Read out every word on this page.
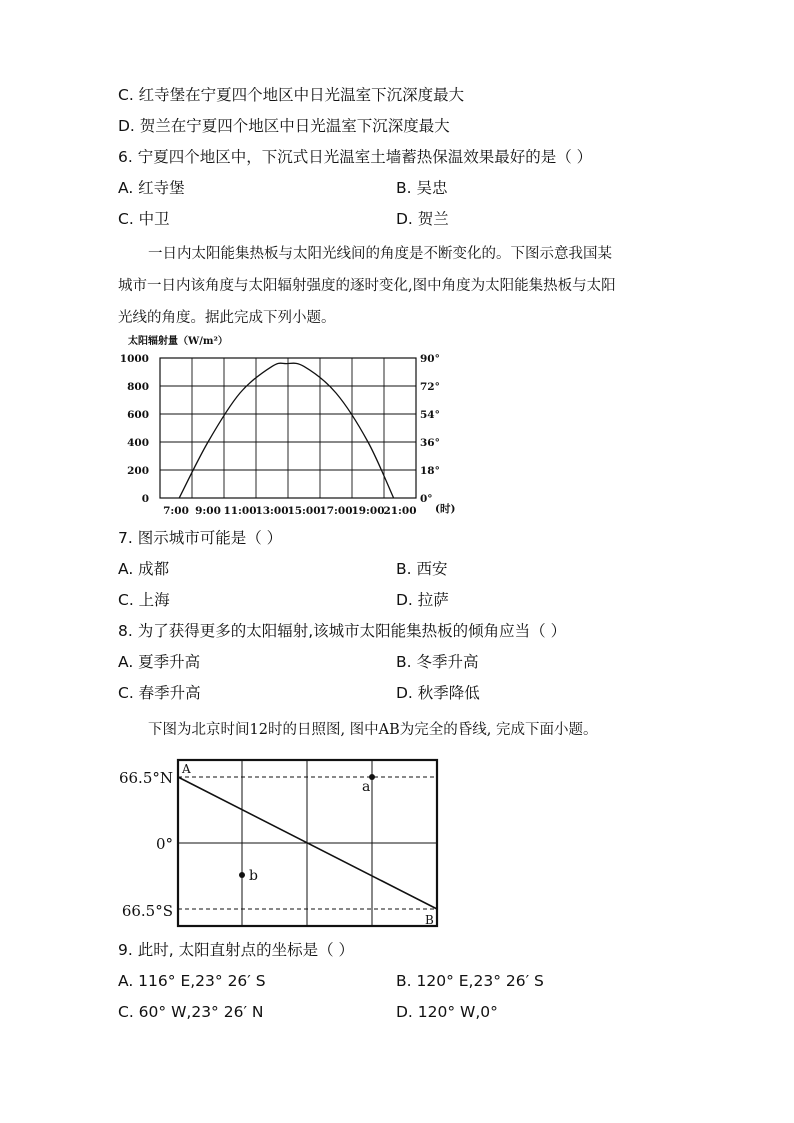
C. 红寺堡在宁夏四个地区中日光温室下沉深度最大
D. 贺兰在宁夏四个地区中日光温室下沉深度最大
6. 宁夏四个地区中，下沉式日光温室土墙蓄热保温效果最好的是（ ）
A. 红寺堡	B. 吴忠
C. 中卫	D. 贺兰
一日内太阳能集热板与太阳光线间的角度是不断变化的。下图示意我国某
城市一日内该角度与太阳辐射强度的逐时变化,图中角度为太阳能集热板与太阳
光线的角度。据此完成下列小题。
太阳辐射量（W/m²）
1000
800
600
400
200
0
90°
72°
54°
36°
18°
0°
7:00 9:00 11:00
13:00
15:00
17:00
19:00
21:00 (时)
7. 图示城市可能是（ ）
A. 成都	B. 西安
C. 上海	D. 拉萨
8. 为了获得更多的太阳辐射,该城市太阳能集热板的倾角应当（ ）
A. 夏季升高	B. 冬季升高
C. 春季升高	D. 秋季降低
下图为北京时间12时的日照图, 图中AB为完全的昏线, 完成下面小题。
66.5°N
0°
66.5°S
A
B
a
b
9. 此时, 太阳直射点的坐标是（ ）
A. 116° E,23° 26′ S	B. 120° E,23° 26′ S
C. 60° W,23° 26′ N	D. 120° W,0°
